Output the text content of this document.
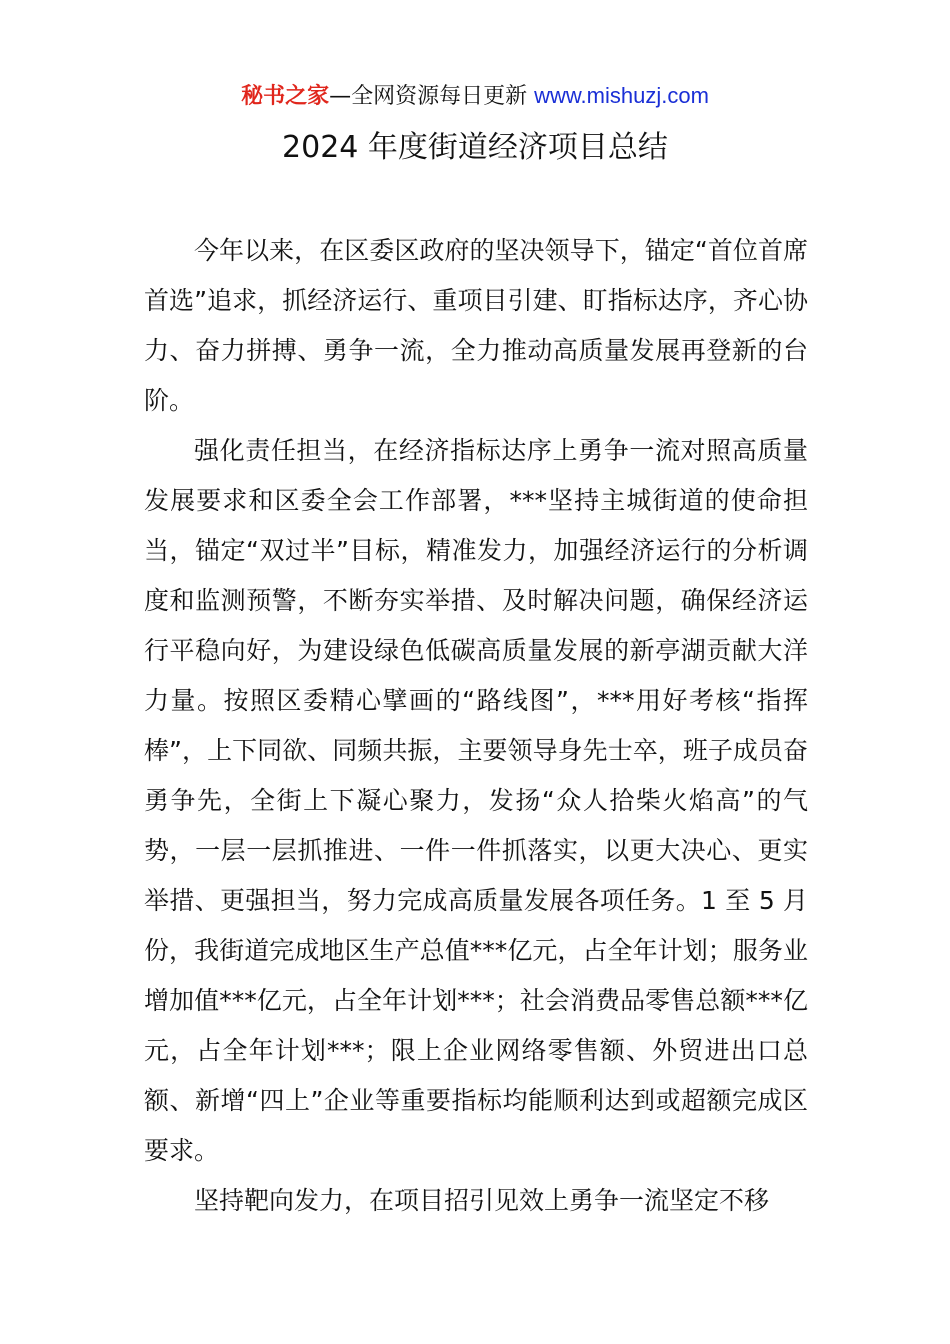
秘书之家—全网资源每日更新 www.mishuzj.com
2024 年度街道经济项目总结

今年以来，在区委区政府的坚决领导下，锚定“首位首席首选”追求，抓经济运行、重项目引建、盯指标达序，齐心协力、奋力拼搏、勇争一流，全力推动高质量发展再登新的台阶。

强化责任担当，在经济指标达序上勇争一流对照高质量发展要求和区委全会工作部署，***坚持主城街道的使命担当，锚定“双过半”目标，精准发力，加强经济运行的分析调度和监测预警，不断夯实举措、及时解决问题，确保经济运行平稳向好，为建设绿色低碳高质量发展的新亭湖贡献大洋力量。按照区委精心擘画的“路线图”，***用好考核“指挥棒”，上下同欲、同频共振，主要领导身先士卒，班子成员奋勇争先，全街上下凝心聚力，发扬“众人拾柴火焰高”的气势，一层一层抓推进、一件一件抓落实，以更大决心、更实举措、更强担当，努力完成高质量发展各项任务。1 至 5 月份，我街道完成地区生产总值***亿元，占全年计划；服务业增加值***亿元，占全年计划***；社会消费品零售总额***亿元，占全年计划***；限上企业网络零售额、外贸进出口总额、新增“四上”企业等重要指标均能顺利达到或超额完成区要求。

坚持靶向发力，在项目招引见效上勇争一流坚定不移
